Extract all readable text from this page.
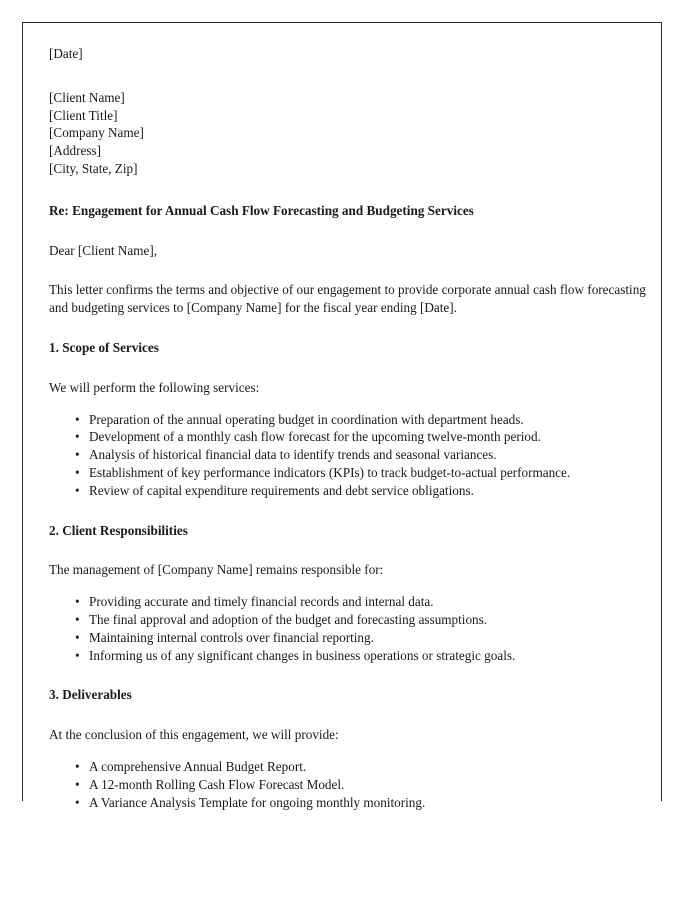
[Date]

[Client Name]

[Client Title]

[Company Name]

[Address]

[City, State, Zip]

Re: Engagement for Annual Cash Flow Forecasting and Budgeting Services

Dear [Client Name],

This letter confirms the terms and objective of our engagement to provide corporate annual cash flow forecasting and budgeting services to [Company Name] for the fiscal year ending [Date].

1. Scope of Services

We will perform the following services:

• Preparation of the annual operating budget in coordination with department heads.
• Development of a monthly cash flow forecast for the upcoming twelve-month period.
• Analysis of historical financial data to identify trends and seasonal variances.
• Establishment of key performance indicators (KPIs) to track budget-to-actual performance.
• Review of capital expenditure requirements and debt service obligations.

2. Client Responsibilities

The management of [Company Name] remains responsible for:

• Providing accurate and timely financial records and internal data.
• The final approval and adoption of the budget and forecasting assumptions.
• Maintaining internal controls over financial reporting.
• Informing us of any significant changes in business operations or strategic goals.

3. Deliverables

At the conclusion of this engagement, we will provide:

• A comprehensive Annual Budget Report.
• A 12-month Rolling Cash Flow Forecast Model.
• A Variance Analysis Template for ongoing monthly monitoring.
